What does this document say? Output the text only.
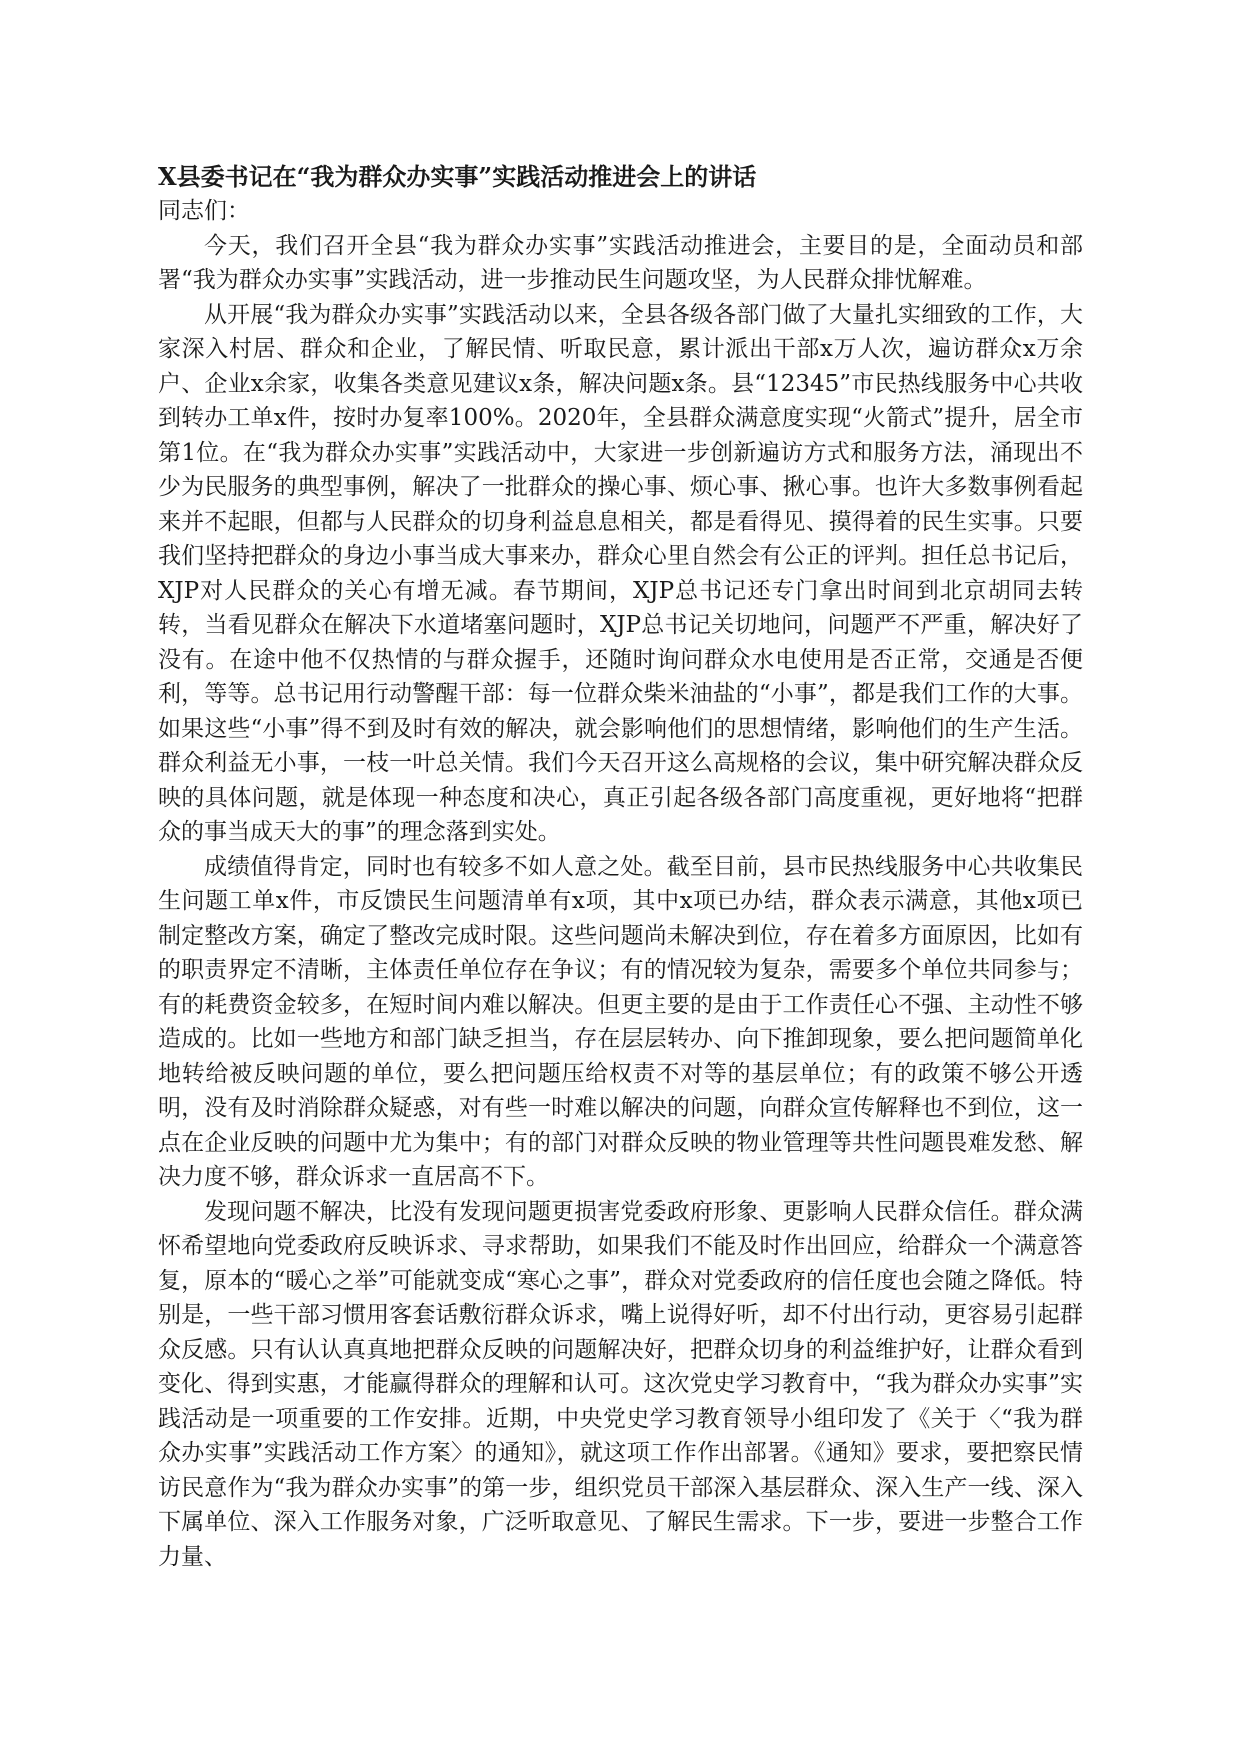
X县委书记在“我为群众办实事”实践活动推进会上的讲话

同志们：

今天，我们召开全县“我为群众办实事”实践活动推进会，主要目的是，全面动员和部署“我为群众办实事”实践活动，进一步推动民生问题攻坚，为人民群众排忧解难。

从开展“我为群众办实事”实践活动以来，全县各级各部门做了大量扎实细致的工作，大家深入村居、群众和企业，了解民情、听取民意，累计派出干部x万人次，遍访群众x万余户、企业x余家，收集各类意见建议x条，解决问题x条。县“12345”市民热线服务中心共收到转办工单x件，按时办复率100%。2020年，全县群众满意度实现“火箭式”提升，居全市第1位。在“我为群众办实事”实践活动中，大家进一步创新遍访方式和服务方法，涌现出不少为民服务的典型事例，解决了一批群众的操心事、烦心事、揪心事。也许大多数事例看起来并不起眼，但都与人民群众的切身利益息息相关，都是看得见、摸得着的民生实事。只要我们坚持把群众的身边小事当成大事来办，群众心里自然会有公正的评判。担任总书记后，XJP对人民群众的关心有增无减。春节期间，XJP总书记还专门拿出时间到北京胡同去转转，当看见群众在解决下水道堵塞问题时，XJP总书记关切地问，问题严不严重，解决好了没有。在途中他不仅热情的与群众握手，还随时询问群众水电使用是否正常，交通是否便利，等等。总书记用行动警醒干部：每一位群众柴米油盐的“小事”，都是我们工作的大事。如果这些“小事”得不到及时有效的解决，就会影响他们的思想情绪，影响他们的生产生活。群众利益无小事，一枝一叶总关情。我们今天召开这么高规格的会议，集中研究解决群众反映的具体问题，就是体现一种态度和决心，真正引起各级各部门高度重视，更好地将“把群众的事当成天大的事”的理念落到实处。

成绩值得肯定，同时也有较多不如人意之处。截至目前，县市民热线服务中心共收集民生问题工单x件，市反馈民生问题清单有x项，其中x项已办结，群众表示满意，其他x项已制定整改方案，确定了整改完成时限。这些问题尚未解决到位，存在着多方面原因，比如有的职责界定不清晰，主体责任单位存在争议；有的情况较为复杂，需要多个单位共同参与；有的耗费资金较多，在短时间内难以解决。但更主要的是由于工作责任心不强、主动性不够造成的。比如一些地方和部门缺乏担当，存在层层转办、向下推卸现象，要么把问题简单化地转给被反映问题的单位，要么把问题压给权责不对等的基层单位；有的政策不够公开透明，没有及时消除群众疑惑，对有些一时难以解决的问题，向群众宣传解释也不到位，这一点在企业反映的问题中尤为集中；有的部门对群众反映的物业管理等共性问题畏难发愁、解决力度不够，群众诉求一直居高不下。

发现问题不解决，比没有发现问题更损害党委政府形象、更影响人民群众信任。群众满怀希望地向党委政府反映诉求、寻求帮助，如果我们不能及时作出回应，给群众一个满意答复，原本的“暖心之举”可能就变成“寒心之事”，群众对党委政府的信任度也会随之降低。特别是，一些干部习惯用客套话敷衍群众诉求，嘴上说得好听，却不付出行动，更容易引起群众反感。只有认认真真地把群众反映的问题解决好，把群众切身的利益维护好，让群众看到变化、得到实惠，才能赢得群众的理解和认可。这次党史学习教育中，“我为群众办实事”实践活动是一项重要的工作安排。近期，中央党史学习教育领导小组印发了《关于〈“我为群众办实事”实践活动工作方案〉的通知》，就这项工作作出部署。《通知》要求，要把察民情访民意作为“我为群众办实事”的第一步，组织党员干部深入基层群众、深入生产一线、深入下属单位、深入工作服务对象，广泛听取意见、了解民生需求。下一步，要进一步整合工作力量、
